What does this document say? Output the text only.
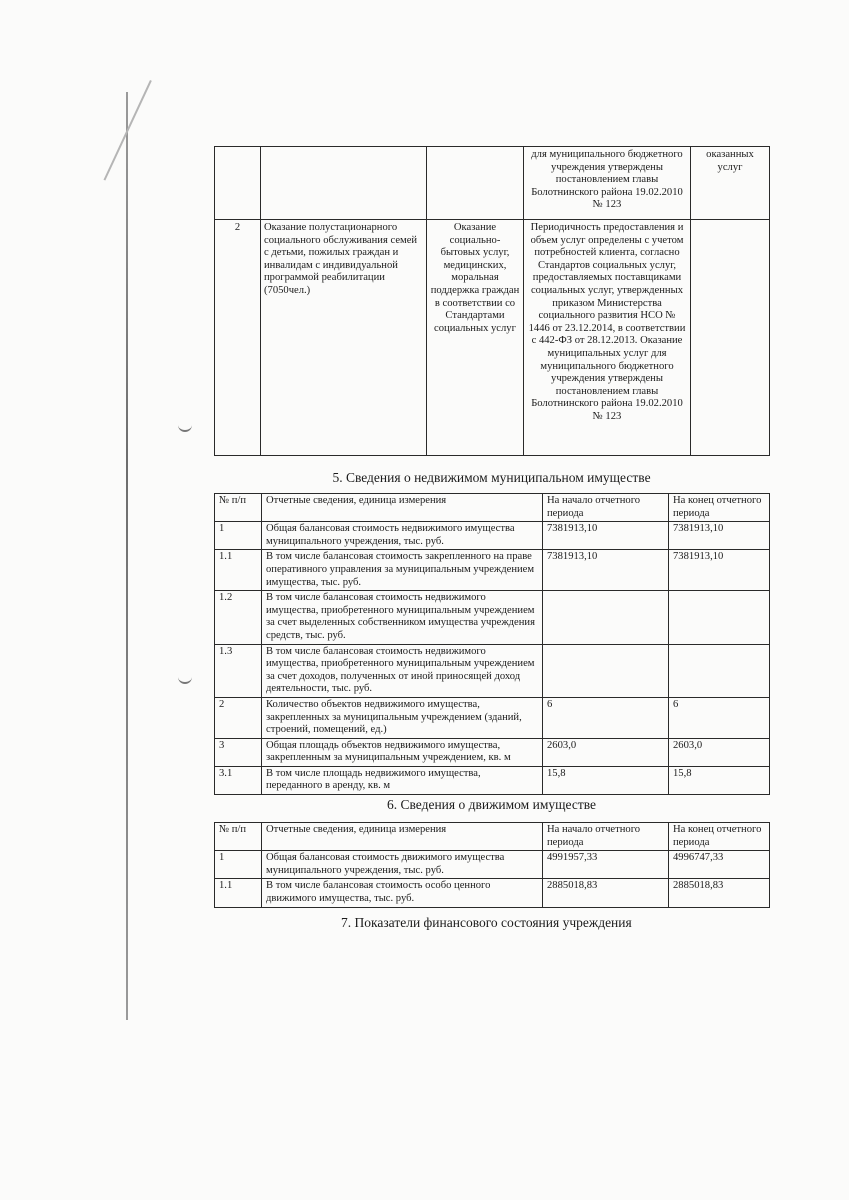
			для муниципального бюджетного учреждения утверждены постановлением главы Болотнинского района 19.02.2010 № 123	оказанных услуг
2	Оказание полустационарного социального обслуживания семей с детьми, пожилых граждан и инвалидам с индивидуальной программой реабилитации (7050чел.)	Оказание социально-бытовых услуг, медицинских, моральная поддержка граждан в соответствии со Стандартами социальных услуг	Периодичность предоставления и объем услуг определены с учетом потребностей клиента, согласно Стандартов социальных услуг, предоставляемых поставщиками социальных услуг, утвержденных приказом Министерства социального развития НСО № 1446 от 23.12.2014, в соответствии с 442-ФЗ от 28.12.2013. Оказание муниципальных услуг для муниципального бюджетного учреждения утверждены постановлением главы Болотнинского района 19.02.2010 № 123	
5. Сведения о недвижимом муниципальном имуществе
№ п/п	Отчетные сведения, единица измерения	На начало отчетного периода	На конец отчетного периода
1	Общая балансовая стоимость недвижимого имущества муниципального учреждения, тыс. руб.	7381913,10	7381913,10
1.1	В том числе балансовая стоимость закрепленного на праве оперативного управления за муниципальным учреждением имущества, тыс. руб.	7381913,10	7381913,10
1.2	В том числе балансовая стоимость недвижимого имущества, приобретенного муниципальным учреждением за счет выделенных собственником имущества учреждения средств, тыс. руб.		
1.3	В том числе балансовая стоимость недвижимого имущества, приобретенного муниципальным учреждением за счет доходов, полученных от иной приносящей доход деятельности, тыс. руб.		
2	Количество объектов недвижимого имущества, закрепленных за муниципальным учреждением (зданий, строений, помещений, ед.)	6	6
3	Общая площадь объектов недвижимого имущества, закрепленным за муниципальным учреждением, кв. м	2603,0	2603,0
3.1	В том числе площадь недвижимого имущества, переданного в аренду, кв. м	15,8	15,8
6. Сведения о движимом имуществе
№ п/п	Отчетные сведения, единица измерения	На начало отчетного периода	На конец отчетного периода
1	Общая балансовая стоимость движимого имущества муниципального учреждения, тыс. руб.	4991957,33	4996747,33
1.1	В том числе балансовая стоимость особо ценного движимого имущества, тыс. руб.	2885018,83	2885018,83
7. Показатели финансового состояния учреждения
